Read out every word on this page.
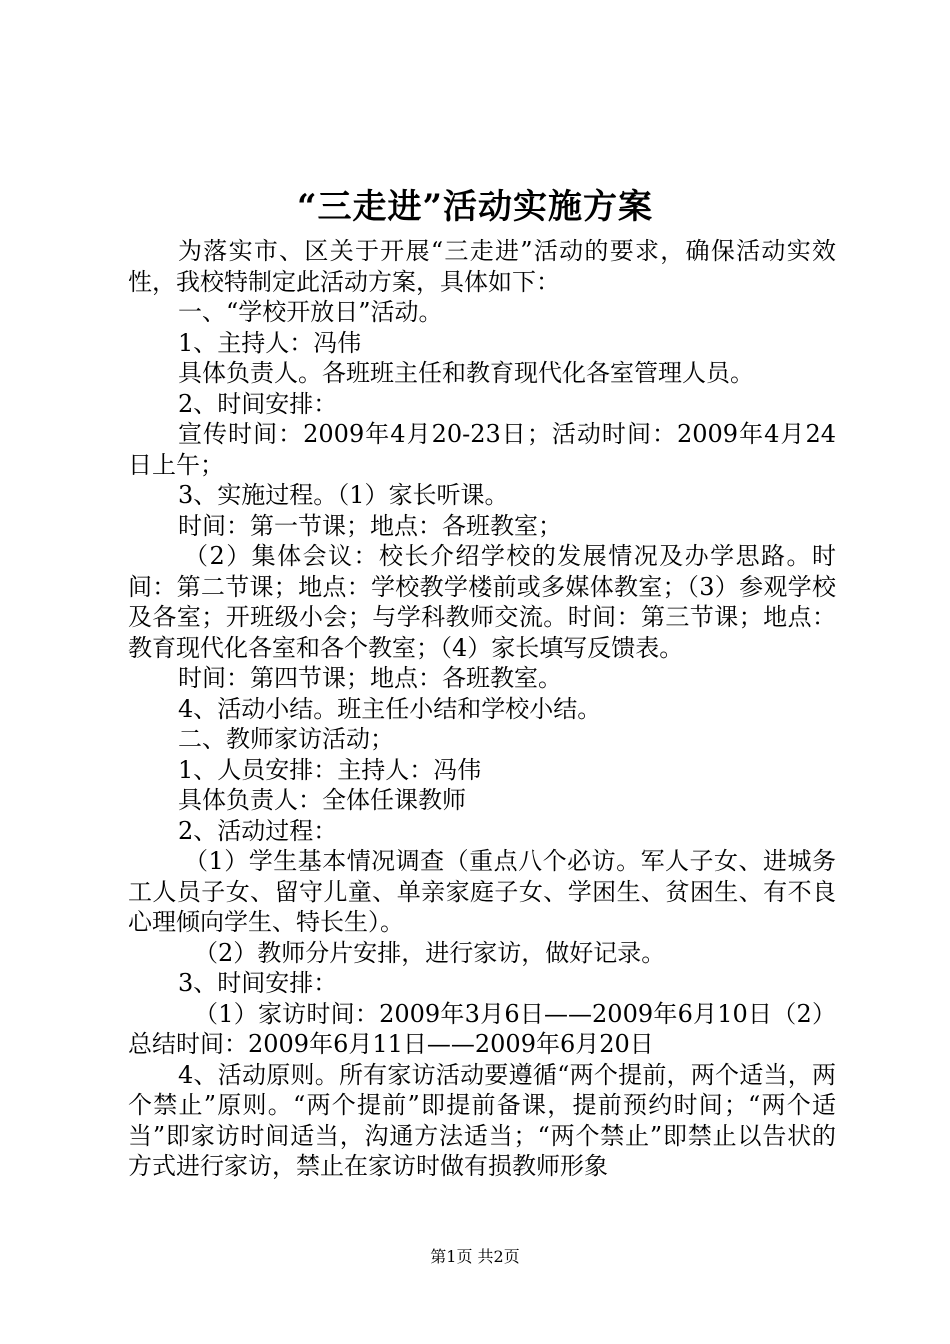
“三走进”活动实施方案

为落实市、区关于开展“三走进”活动的要求，确保活动实效性，我校特制定此活动方案，具体如下：

一、“学校开放日”活动。

1、主持人：冯伟

具体负责人。各班班主任和教育现代化各室管理人员。

2、时间安排：

宣传时间：2009年4月20-23日；活动时间：2009年4月24日上午；

3、实施过程。（1）家长听课。

时间：第一节课；地点：各班教室；

（2）集体会议：校长介绍学校的发展情况及办学思路。时间：第二节课；地点：学校教学楼前或多媒体教室；（3）参观学校及各室；开班级小会；与学科教师交流。时间：第三节课；地点：教育现代化各室和各个教室；（4）家长填写反馈表。

时间：第四节课；地点：各班教室。

4、活动小结。班主任小结和学校小结。

二、教师家访活动；

1、人员安排：主持人：冯伟

具体负责人：全体任课教师

2、活动过程：

（1）学生基本情况调查（重点八个必访。军人子女、进城务工人员子女、留守儿童、单亲家庭子女、学困生、贫困生、有不良心理倾向学生、特长生）。

（2）教师分片安排，进行家访，做好记录。

3、时间安排：

（1）家访时间：2009年3月6日——2009年6月10日（2）总结时间：2009年6月11日——2009年6月20日

4、活动原则。所有家访活动要遵循“两个提前，两个适当，两个禁止”原则。“两个提前”即提前备课，提前预约时间；“两个适当”即家访时间适当，沟通方法适当；“两个禁止”即禁止以告状的方式进行家访，禁止在家访时做有损教师形象

第1页 共2页
